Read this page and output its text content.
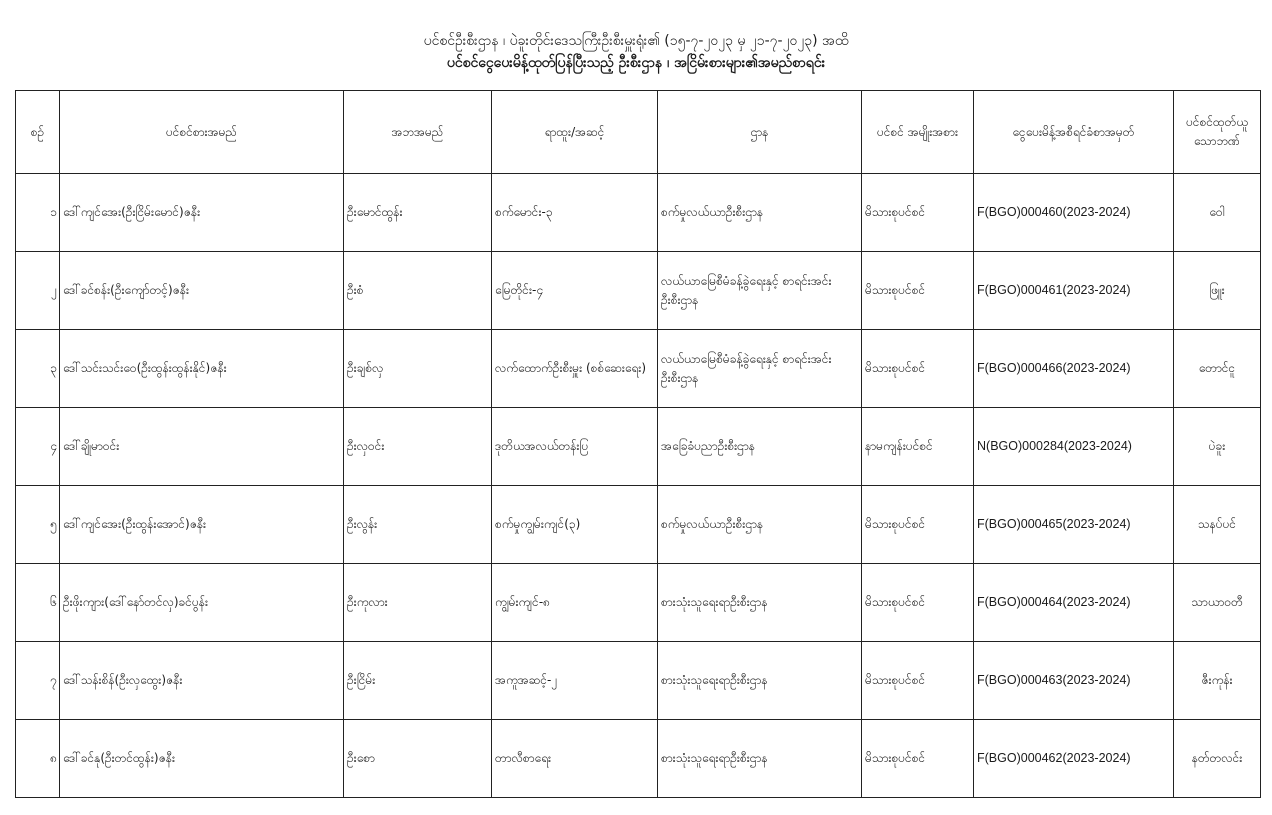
ပင်စင်ဦးစီးဌာန ၊ ပဲခူးတိုင်းဒေသကြီးဦးစီးမှူးရုံး၏ (၁၅-၇-၂၀၂၃ မှ ၂၁-၇-၂၀၂၃) အထိ
ပင်စင်ငွေပေးမိန့်ထုတ်ပြန်ပြီးသည့် ဦးစီးဌာန ၊ အငြိမ်းစားများ၏အမည်စာရင်း
စဉ်	ပင်စင်စားအမည်	အဘအမည်	ရာထူး/အဆင့်	ဌာန	ပင်စင် အမျိုးအစား	ငွေပေးမိန့်အစီရင်ခံစာအမှတ်	ပင်စင်ထုတ်ယူ သောဘဏ်
၁	ဒေါ်ကျင်အေး(ဦးငြိမ်းမောင်)ဇနီး	ဦးမောင်ထွန်း	စက်မောင်း-၃	စက်မှုလယ်ယာဦးစီးဌာန	မိသားစုပင်စင်	F(BGO)000460(2023-2024)	ဝေါ
၂	ဒေါ်ခင်စန်း(ဦးကျော်တင့်)ဇနီး	ဦးစံ	မြေတိုင်း-၄	လယ်ယာမြေစီမံခန့်ခွဲရေးနှင့် စာရင်းအင်းဦးစီးဌာန	မိသားစုပင်စင်	F(BGO)000461(2023-2024)	ဖြူး
၃	ဒေါ်သင်းသင်းဝေ(ဦးထွန်းထွန်းနိုင်)ဇနီး	ဦးချစ်လှ	လက်ထောက်ဦးစီးမှူး (စစ်ဆေးရေး)	လယ်ယာမြေစီမံခန့်ခွဲရေးနှင့် စာရင်းအင်းဦးစီးဌာန	မိသားစုပင်စင်	F(BGO)000466(2023-2024)	တောင်ငူ
၄	ဒေါ်ချိုမာဝင်း	ဦးလှဝင်း	ဒုတိယအလယ်တန်းပြ	အခြေခံပညာဦးစီးဌာန	နာမကျန်းပင်စင်	N(BGO)000284(2023-2024)	ပဲခူး
၅	ဒေါ်ကျင်အေး(ဦးထွန်းအောင်)ဇနီး	ဦးလွန်း	စက်မှုကျွမ်းကျင်(၃)	စက်မှုလယ်ယာဦးစီးဌာန	မိသားစုပင်စင်	F(BGO)000465(2023-2024)	သနပ်ပင်
၆	ဦးဖိုးကျား(ဒေါ်နော်တင်လှ)ခင်ပွန်း	ဦးကုလား	ကျွမ်းကျင်-၈	စားသုံးသူရေးရာဦးစီးဌာန	မိသားစုပင်စင်	F(BGO)000464(2023-2024)	သာယာဝတီ
၇	ဒေါ်သန်းစိန်(ဦးလှထွေး)ဇနီး	ဦးငြိမ်း	အကူအဆင့်-၂	စားသုံးသူရေးရာဦးစီးဌာန	မိသားစုပင်စင်	F(BGO)000463(2023-2024)	ဇီးကုန်း
၈	ဒေါ်ခင်နု(ဦးတင်ထွန်း)ဇနီး	ဦးစော	တာလီစာရေး	စားသုံးသူရေးရာဦးစီးဌာန	မိသားစုပင်စင်	F(BGO)000462(2023-2024)	နတ်တလင်း
